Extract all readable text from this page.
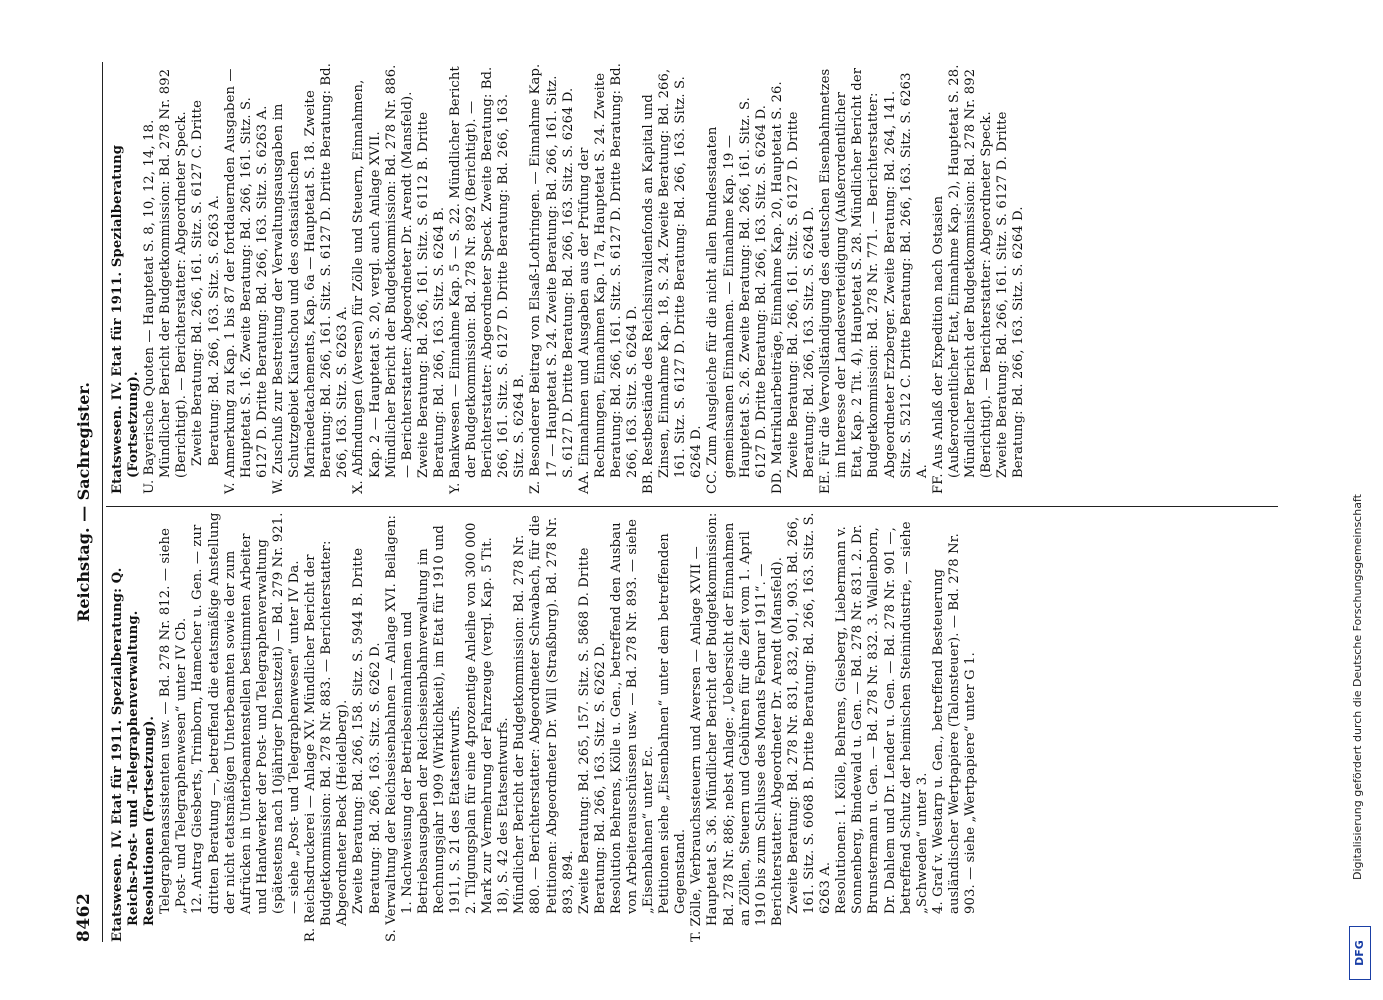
8462
Reichstag. — Sachregister.

Etatswesen. IV. Etat für 1911. Spezialberatung: Q. Reichs-Post- und -Telegraphenverwaltung. Resolutionen (Fortsetzung). Telegraphenassistenten usw. — Bd. 278 Nr. 812. — siehe „Post- und Telegraphenwesen“ unter IV Cb. 12. Antrag Giesberts, Trimborn, Hamecher u. Gen. — zur dritten Beratung —, betreffend die etatsmäßige Anstellung der nicht etatsmäßigen Unterbeamten sowie der zum Aufrücken in Unterbeamtenstellen bestimmten Arbeiter und Handwerker der Post- und Telegraphenverwaltung (spätestens nach 10jähriger Dienstzeit) — Bd. 279 Nr. 921. — siehe „Post- und Telegraphenwesen“ unter IV Da. R. Reichsdruckerei — Anlage XV. Mündlicher Bericht der Budgetkommission: Bd. 278 Nr. 883. — Berichterstatter: Abgeordneter Beck (Heidelberg). Zweite Beratung: Bd. 266, 158. Sitz. S. 5944 B. Dritte Beratung: Bd. 266, 163. Sitz. S. 6262 D. S. Verwaltung der Reichseisenbahnen — Anlage XVI. Beilagen: 1. Nachweisung der Betriebseinnahmen und Betriebsausgaben der Reichseisenbahnverwaltung im Rechnungsjahr 1909 (Wirklichkeit), im Etat für 1910 und 1911, S. 21 des Etatsentwurfs. 2. Tilgungsplan für eine 4prozentige Anleihe von 300 000 Mark zur Vermehrung der Fahrzeuge (vergl. Kap. 5 Tit. 18), S. 42 des Etatsentwurfs. Mündlicher Bericht der Budgetkommission: Bd. 278 Nr. 880. — Berichterstatter: Abgeordneter Schwabach, für die Petitionen: Abgeordneter Dr. Will (Straßburg). Bd. 278 Nr. 893, 894. Zweite Beratung: Bd. 265, 157. Sitz. S. 5868 D. Dritte Beratung: Bd. 266, 163. Sitz. S. 6262 D. Resolution Behrens, Kölle u. Gen., betreffend den Ausbau von Arbeiterausschüssen usw. — Bd. 278 Nr. 893. — siehe „Eisenbahnen“ unter Ec. Petitionen siehe „Eisenbahnen“ unter dem betreffenden Gegenstand. T. Zölle, Verbrauchssteuern und Aversen — Anlage XVII — Hauptetat S. 36. Mündlicher Bericht der Budgetkommission: Bd. 278 Nr. 886; nebst Anlage: „Uebersicht der Einnahmen an Zöllen, Steuern und Gebühren für die Zeit vom 1. April 1910 bis zum Schlusse des Monats Februar 1911“. — Berichterstatter: Abgeordneter Dr. Arendt (Mansfeld). Zweite Beratung: Bd. 278 Nr. 831, 832, 901, 903. Bd. 266, 161. Sitz. S. 6068 B. Dritte Beratung: Bd. 266, 163. Sitz. S. 6263 A. Resolutionen: 1. Kölle, Behrens, Giesberg, Liebermann v. Sonnenberg, Bindewald u. Gen. — Bd. 278 Nr. 831. 2. Dr. Brunstermann u. Gen. — Bd. 278 Nr. 832. 3. Wallenborn, Dr. Dahlem und Dr. Lender u. Gen. — Bd. 278 Nr. 901 —, betreffend Schutz der heimischen Steinindustrie, — siehe „Schweden“ unter 3. 4. Graf v. Westarp u. Gen., betreffend Besteuerung ausländischer Wertpapiere (Talonsteuer). — Bd. 278 Nr. 903. — siehe „Wertpapiere“ unter G 1.

Etatswesen. IV. Etat für 1911. Spezialberatung (Fortsetzung). U. Bayerische Quoten — Hauptetat S. 8, 10, 12, 14, 18. Mündlicher Bericht der Budgetkommission: Bd. 278 Nr. 892 (Berichtigt). — Berichterstatter: Abgeordneter Speck. Zweite Beratung: Bd. 266, 161. Sitz. S. 6127 C. Dritte Beratung: Bd. 266, 163. Sitz. S. 6263 A. V. Anmerkung zu Kap. 1 bis 87 der fortdauernden Ausgaben — Hauptetat S. 16. Zweite Beratung: Bd. 266, 161. Sitz. S. 6127 D. Dritte Beratung: Bd. 266, 163. Sitz. S. 6263 A. W. Zuschuß zur Bestreitung der Verwaltungsausgaben im Schutzgebiet Kiautschou und des ostasiatischen Marinedetachements, Kap. 6a — Hauptetat S. 18. Zweite Beratung: Bd. 266, 161. Sitz. S. 6127 D. Dritte Beratung: Bd. 266, 163. Sitz. S. 6263 A. X. Abfindungen (Aversen) für Zölle und Steuern, Einnahmen, Kap. 2 — Hauptetat S. 20, vergl. auch Anlage XVII. Mündlicher Bericht der Budgetkommission: Bd. 278 Nr. 886. — Berichterstatter: Abgeordneter Dr. Arendt (Mansfeld). Zweite Beratung: Bd. 266, 161. Sitz. S. 6112 B. Dritte Beratung: Bd. 266, 163. Sitz. S. 6264 B. Y. Bankwesen — Einnahme Kap. 5 — S. 22. Mündlicher Bericht der Budgetkommission: Bd. 278 Nr. 892 (Berichtigt). — Berichterstatter: Abgeordneter Speck. Zweite Beratung: Bd. 266, 161. Sitz. S. 6127 D. Dritte Beratung: Bd. 266, 163. Sitz. S. 6264 B. Z. Besonderer Beitrag von Elsaß-Lothringen. — Einnahme Kap. 17 — Hauptetat S. 24. Zweite Beratung: Bd. 266, 161. Sitz. S. 6127 D. Dritte Beratung: Bd. 266, 163. Sitz. S. 6264 D. AA. Einnahmen und Ausgaben aus der Prüfung der Rechnungen, Einnahmen Kap. 17a, Hauptetat S. 24. Zweite Beratung: Bd. 266, 161. Sitz. S. 6127 D. Dritte Beratung: Bd. 266, 163. Sitz. S. 6264 D. BB. Restbestände des Reichsinvalidenfonds an Kapital und Zinsen, Einnahme Kap. 18, S. 24. Zweite Beratung: Bd. 266, 161. Sitz. S. 6127 D. Dritte Beratung: Bd. 266, 163. Sitz. S. 6264 D. CC. Zum Ausgleiche für die nicht allen Bundesstaaten gemeinsamen Einnahmen. — Einnahme Kap. 19 — Hauptetat S. 26. Zweite Beratung: Bd. 266, 161. Sitz. S. 6127 D. Dritte Beratung: Bd. 266, 163. Sitz. S. 6264 D. DD. Matrikularbeiträge, Einnahme Kap. 20, Hauptetat S. 26. Zweite Beratung: Bd. 266, 161. Sitz. S. 6127 D. Dritte Beratung: Bd. 266, 163. Sitz. S. 6264 D. EE. Für die Vervollständigung des deutschen Eisenbahnnetzes im Interesse der Landesverteidigung (Außerordentlicher Etat, Kap. 2 Tit. 4), Hauptetat S. 28. Mündlicher Bericht der Budgetkommission: Bd. 278 Nr. 771. — Berichterstatter: Abgeordneter Erzberger. Zweite Beratung: Bd. 264, 141. Sitz. S. 5212 C. Dritte Beratung: Bd. 266, 163. Sitz. S. 6263 A. FF. Aus Anlaß der Expedition nach Ostasien (Außerordentlicher Etat, Einnahme Kap. 2), Hauptetat S. 28. Mündlicher Bericht der Budgetkommission: Bd. 278 Nr. 892 (Berichtigt). — Berichterstatter: Abgeordneter Speck. Zweite Beratung: Bd. 266, 161. Sitz. S. 6127 D. Dritte Beratung: Bd. 266, 163. Sitz. S. 6264 D.

DFG
Digitalisierung gefördert durch die Deutsche Forschungsgemeinschaft
